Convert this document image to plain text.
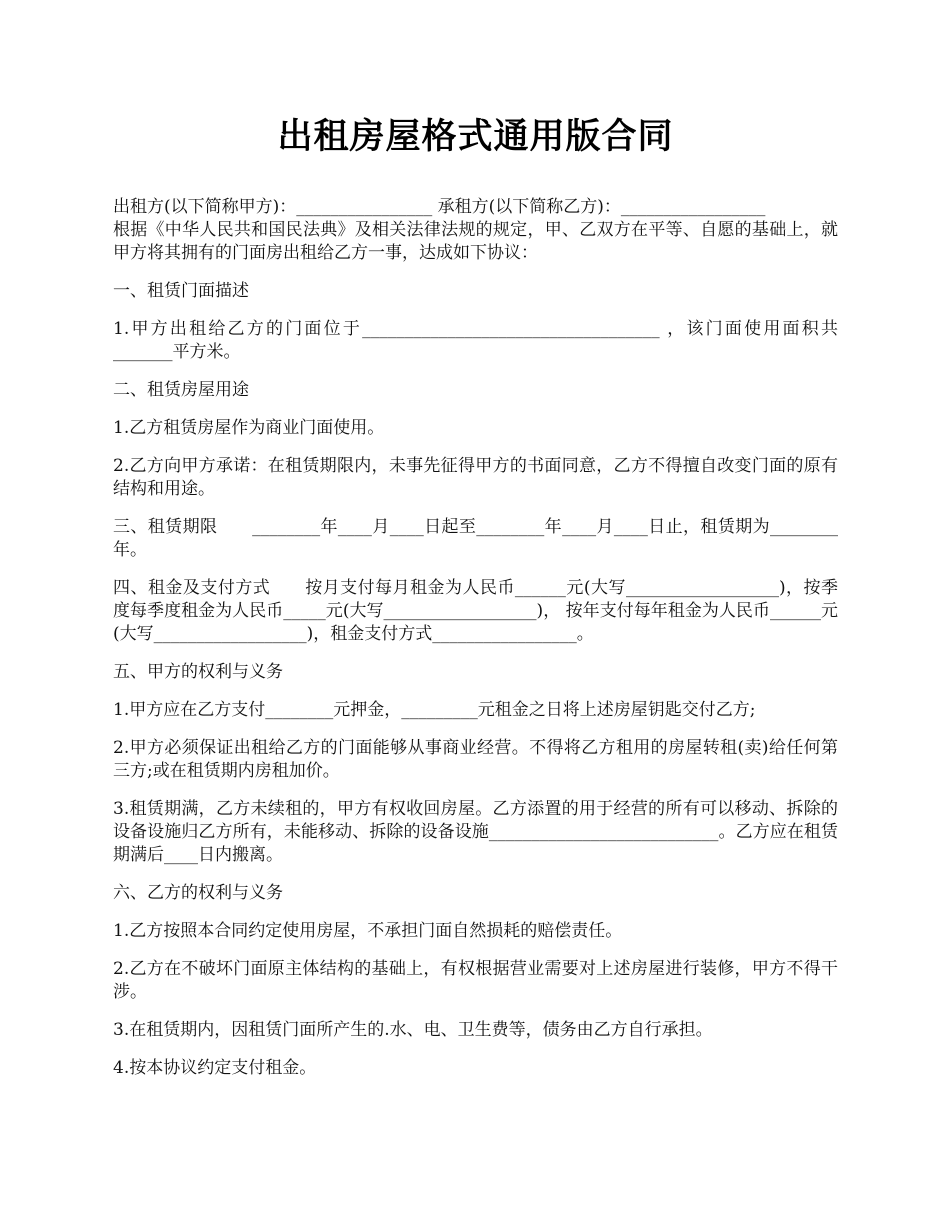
出租房屋格式通用版合同

出租方(以下简称甲方)：________________ 承租方(以下简称乙方)：_________________

根据《中华人民共和国民法典》及相关法律法规的规定，甲、乙双方在平等、自愿的基础上，就甲方将其拥有的门面房出租给乙方一事，达成如下协议：

一、租赁门面描述

1.甲方出租给乙方的门面位于___________________________________ ，该门面使用面积共_______平方米。

二、租赁房屋用途

1.乙方租赁房屋作为商业门面使用。

2.乙方向甲方承诺：在租赁期限内，未事先征得甲方的书面同意，乙方不得擅自改变门面的原有结构和用途。

三、租赁期限　　________年____月____日起至________年____月____日止，租赁期为________年。

四、租金及支付方式　　按月支付每月租金为人民币______元(大写__________________)，按季度每季度租金为人民币_____元(大写__________________)， 按年支付每年租金为人民币______元(大写__________________)，租金支付方式_________________。

五、甲方的权利与义务

1.甲方应在乙方支付________元押金，_________元租金之日将上述房屋钥匙交付乙方;

2.甲方必须保证出租给乙方的门面能够从事商业经营。不得将乙方租用的房屋转租(卖)给任何第三方;或在租赁期内房租加价。

3.租赁期满，乙方未续租的，甲方有权收回房屋。乙方添置的用于经营的所有可以移动、拆除的设备设施归乙方所有，未能移动、拆除的设备设施___________________________。乙方应在租赁期满后____日内搬离。

六、乙方的权利与义务

1.乙方按照本合同约定使用房屋，不承担门面自然损耗的赔偿责任。

2.乙方在不破坏门面原主体结构的基础上，有权根据营业需要对上述房屋进行装修，甲方不得干涉。

3.在租赁期内，因租赁门面所产生的.水、电、卫生费等，债务由乙方自行承担。

4.按本协议约定支付租金。
